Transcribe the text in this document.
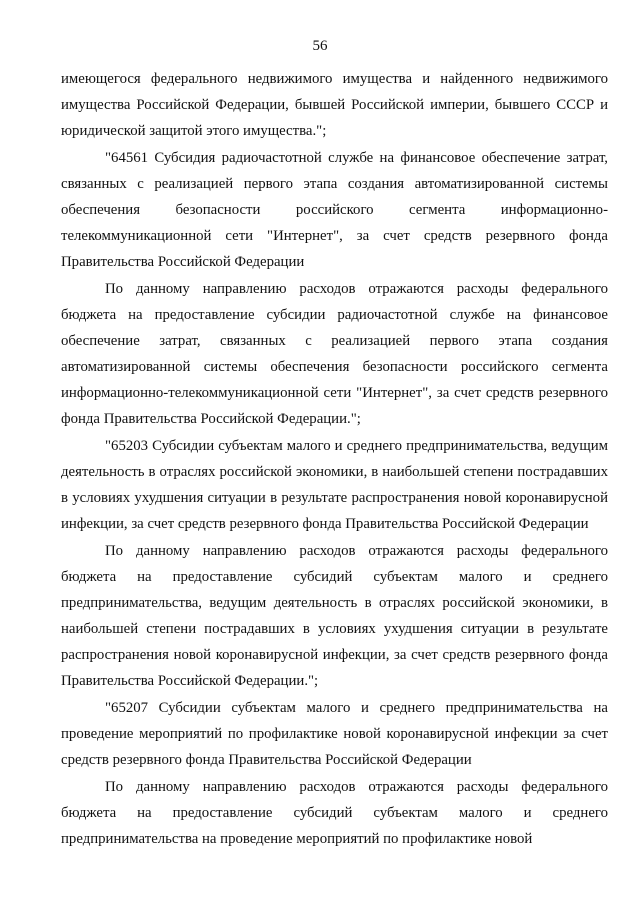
56

имеющегося федерального недвижимого имущества и найденного недвижимого имущества Российской Федерации, бывшей Российской империи, бывшего СССР и юридической защитой этого имущества.";

"64561 Субсидия радиочастотной службе на финансовое обеспечение затрат, связанных с реализацией первого этапа создания автоматизированной системы обеспечения безопасности российского сегмента информационно-телекоммуникационной сети "Интернет", за счет средств резервного фонда Правительства Российской Федерации

По данному направлению расходов отражаются расходы федерального бюджета на предоставление субсидии радиочастотной службе на финансовое обеспечение затрат, связанных с реализацией первого этапа создания автоматизированной системы обеспечения безопасности российского сегмента информационно-телекоммуникационной сети "Интернет", за счет средств резервного фонда Правительства Российской Федерации.";

"65203 Субсидии субъектам малого и среднего предпринимательства, ведущим деятельность в отраслях российской экономики, в наибольшей степени пострадавших в условиях ухудшения ситуации в результате распространения новой коронавирусной инфекции, за счет средств резервного фонда Правительства Российской Федерации

По данному направлению расходов отражаются расходы федерального бюджета на предоставление субсидий субъектам малого и среднего предпринимательства, ведущим деятельность в отраслях российской экономики, в наибольшей степени пострадавших в условиях ухудшения ситуации в результате распространения новой коронавирусной инфекции, за счет средств резервного фонда Правительства Российской Федерации.";

"65207 Субсидии субъектам малого и среднего предпринимательства на проведение мероприятий по профилактике новой коронавирусной инфекции за счет средств резервного фонда Правительства Российской Федерации

По данному направлению расходов отражаются расходы федерального бюджета на предоставление субсидий субъектам малого и среднего предпринимательства на проведение мероприятий по профилактике новой
